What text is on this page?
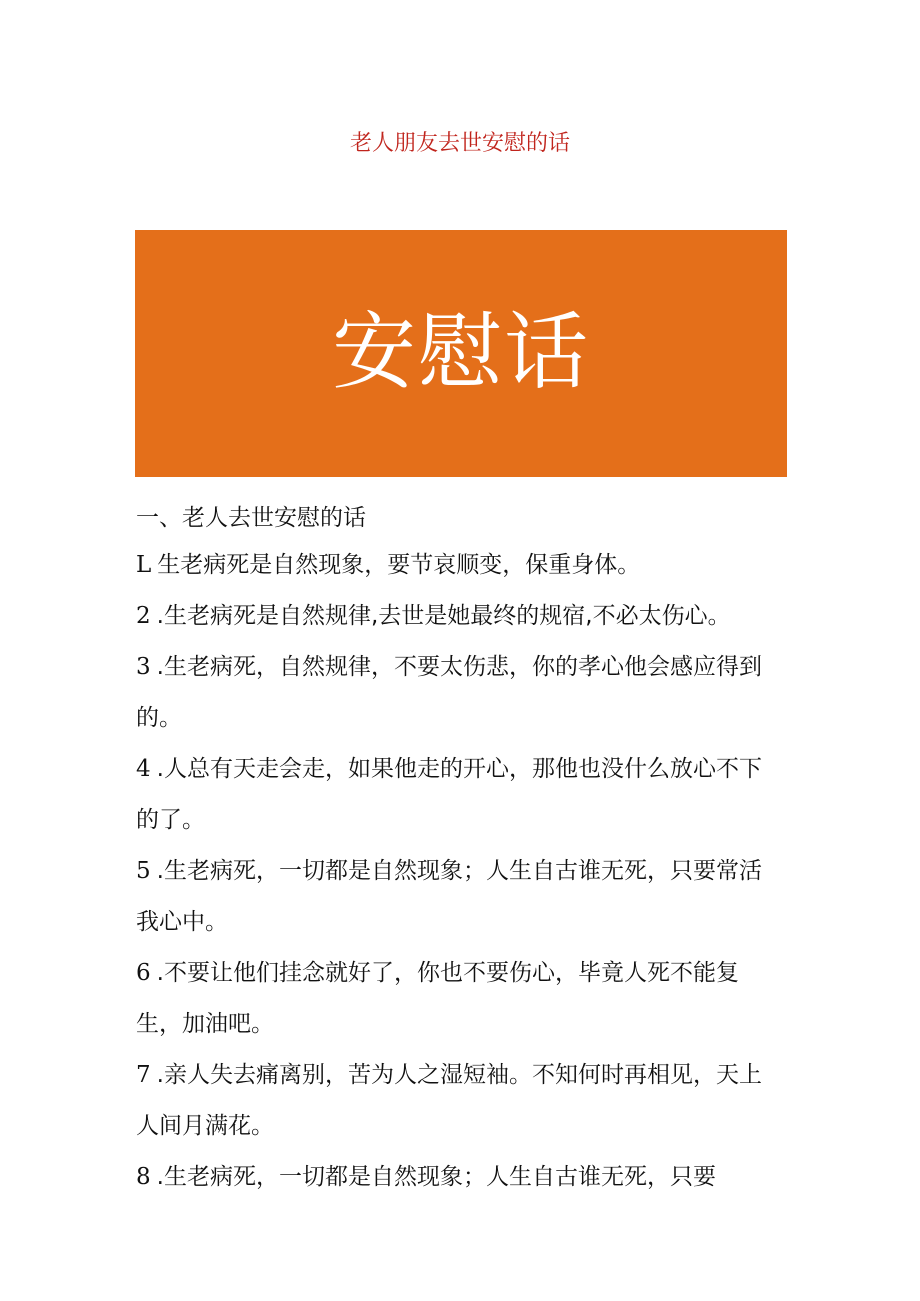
老人朋友去世安慰的话
安慰话

一、老人去世安慰的话

L 生老病死是自然现象，要节哀顺变，保重身体。

2 .生老病死是自然规律,去世是她最终的规宿,不必太伤心。

3 .生老病死，自然规律，不要太伤悲，你的孝心他会感应得到的。

4 .人总有天走会走，如果他走的开心，那他也没什么放心不下的了。

5 .生老病死，一切都是自然现象；人生自古谁无死，只要常活我心中。

6 .不要让他们挂念就好了，你也不要伤心，毕竟人死不能复生，加油吧。

7 .亲人失去痛离别，苦为人之湿短袖。不知何时再相见，天上人间月满花。

8 .生老病死，一切都是自然现象；人生自古谁无死，只要
